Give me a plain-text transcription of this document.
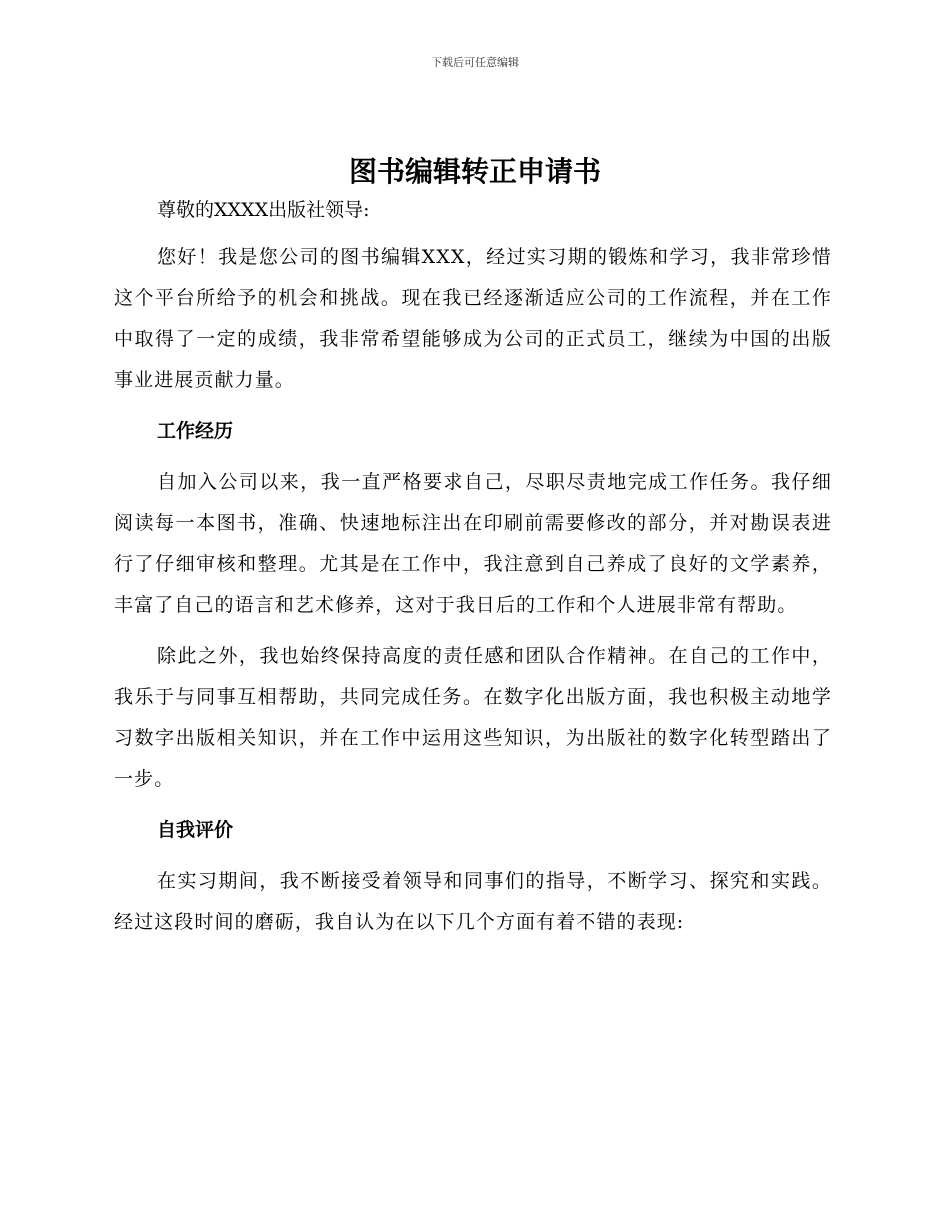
下载后可任意编辑
图书编辑转正申请书

尊敬的XXXX出版社领导:

您好！我是您公司的图书编辑XXX，经过实习期的锻炼和学习，我非常珍惜这个平台所给予的机会和挑战。现在我已经逐渐适应公司的工作流程，并在工作中取得了一定的成绩，我非常希望能够成为公司的正式员工，继续为中国的出版事业进展贡献力量。

工作经历

自加入公司以来，我一直严格要求自己，尽职尽责地完成工作任务。我仔细阅读每一本图书，准确、快速地标注出在印刷前需要修改的部分，并对勘误表进行了仔细审核和整理。尤其是在工作中，我注意到自己养成了良好的文学素养，丰富了自己的语言和艺术修养，这对于我日后的工作和个人进展非常有帮助。

除此之外，我也始终保持高度的责任感和团队合作精神。在自己的工作中，我乐于与同事互相帮助，共同完成任务。在数字化出版方面，我也积极主动地学习数字出版相关知识，并在工作中运用这些知识，为出版社的数字化转型踏出了一步。

自我评价

在实习期间，我不断接受着领导和同事们的指导，不断学习、探究和实践。经过这段时间的磨砺，我自认为在以下几个方面有着不错的表现:
